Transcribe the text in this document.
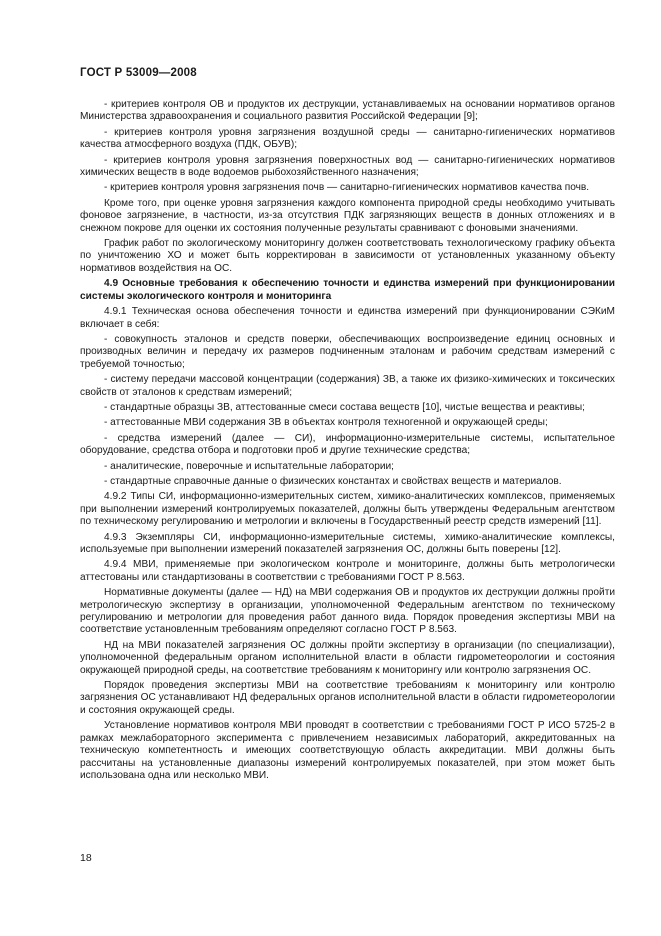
ГОСТ Р 53009—2008

- критериев контроля ОВ и продуктов их деструкции, устанавливаемых на основании нормативов органов Министерства здравоохранения и социального развития Российской Федерации [9];

- критериев контроля уровня загрязнения воздушной среды — санитарно-гигиенических нормативов качества атмосферного воздуха (ПДК, ОБУВ);

- критериев контроля уровня загрязнения поверхностных вод — санитарно-гигиенических нормативов химических веществ в воде водоемов рыбохозяйственного назначения;

- критериев контроля уровня загрязнения почв — санитарно-гигиенических нормативов качества почв.

Кроме того, при оценке уровня загрязнения каждого компонента природной среды необходимо учитывать фоновое загрязнение, в частности, из-за отсутствия ПДК загрязняющих веществ в донных отложениях и в снежном покрове для оценки их состояния полученные результаты сравнивают с фоновыми значениями.

График работ по экологическому мониторингу должен соответствовать технологическому графику объекта по уничтожению ХО и может быть корректирован в зависимости от установленных указанному объекту нормативов воздействия на ОС.

4.9 Основные требования к обеспечению точности и единства измерений при функционировании системы экологического контроля и мониторинга

4.9.1 Техническая основа обеспечения точности и единства измерений при функционировании СЭКиМ включает в себя:

- совокупность эталонов и средств поверки, обеспечивающих воспроизведение единиц основных и производных величин и передачу их размеров подчиненным эталонам и рабочим средствам измерений с требуемой точностью;

- систему передачи массовой концентрации (содержания) ЗВ, а также их физико-химических и токсических свойств от эталонов к средствам измерений;

- стандартные образцы ЗВ, аттестованные смеси состава веществ [10], чистые вещества и реактивы;

- аттестованные МВИ содержания ЗВ в объектах контроля техногенной и окружающей среды;

- средства измерений (далее — СИ), информационно-измерительные системы, испытательное оборудование, средства отбора и подготовки проб и другие технические средства;

- аналитические, поверочные и испытательные лаборатории;

- стандартные справочные данные о физических константах и свойствах веществ и материалов.

4.9.2 Типы СИ, информационно-измерительных систем, химико-аналитических комплексов, применяемых при выполнении измерений контролируемых показателей, должны быть утверждены Федеральным агентством по техническому регулированию и метрологии и включены в Государственный реестр средств измерений [11].

4.9.3 Экземпляры СИ, информационно-измерительные системы, химико-аналитические комплексы, используемые при выполнении измерений показателей загрязнения ОС, должны быть поверены [12].

4.9.4 МВИ, применяемые при экологическом контроле и мониторинге, должны быть метрологически аттестованы или стандартизованы в соответствии с требованиями ГОСТ Р 8.563.

Нормативные документы (далее — НД) на МВИ содержания ОВ и продуктов их деструкции должны пройти метрологическую экспертизу в организации, уполномоченной Федеральным агентством по техническому регулированию и метрологии для проведения работ данного вида. Порядок проведения экспертизы МВИ на соответствие установленным требованиям определяют согласно ГОСТ Р 8.563.

НД на МВИ показателей загрязнения ОС должны пройти экспертизу в организации (по специализации), уполномоченной федеральным органом исполнительной власти в области гидрометеорологии и состояния окружающей природной среды, на соответствие требованиям к мониторингу или контролю загрязнения ОС.

Порядок проведения экспертизы МВИ на соответствие требованиям к мониторингу или контролю загрязнения ОС устанавливают НД федеральных органов исполнительной власти в области гидрометеорологии и состояния окружающей среды.

Установление нормативов контроля МВИ проводят в соответствии с требованиями ГОСТ Р ИСО 5725-2 в рамках межлабораторного эксперимента с привлечением независимых лабораторий, аккредитованных на техническую компетентность и имеющих соответствующую область аккредитации. МВИ должны быть рассчитаны на установленные диапазоны измерений контролируемых показателей, при этом может быть использована одна или несколько МВИ.

18
